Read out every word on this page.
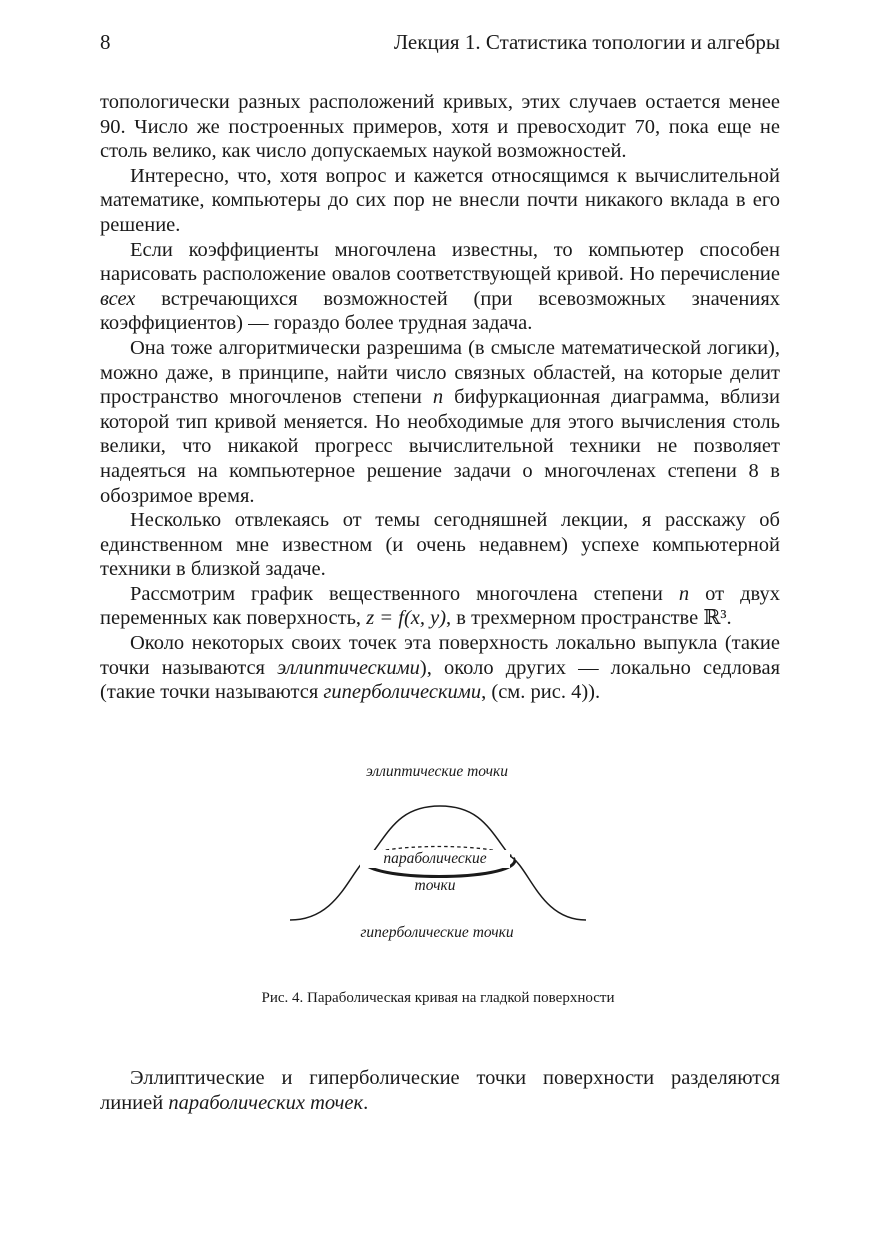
8	Лекция 1. Статистика топологии и алгебры

топологически разных расположений кривых, этих случаев остается менее 90. Число же построенных примеров, хотя и превосходит 70, пока еще не столь велико, как число допускаемых наукой возможностей.

Интересно, что, хотя вопрос и кажется относящимся к вычислительной математике, компьютеры до сих пор не внесли почти никакого вклада в его решение.

Если коэффициенты многочлена известны, то компьютер способен нарисовать расположение овалов соответствующей кривой. Но перечисление всех встречающихся возможностей (при всевозможных значениях коэффициентов) — гораздо более трудная задача.

Она тоже алгоритмически разрешима (в смысле математической логики), можно даже, в принципе, найти число связных областей, на которые делит пространство многочленов степени n бифуркационная диаграмма, вблизи которой тип кривой меняется. Но необходимые для этого вычисления столь велики, что никакой прогресс вычислительной техники не позволяет надеяться на компьютерное решение задачи о многочленах степени 8 в обозримое время.

Несколько отвлекаясь от темы сегодняшней лекции, я расскажу об единственном мне известном (и очень недавнем) успехе компьютерной техники в близкой задаче.

Рассмотрим график вещественного многочлена степени n от двух переменных как поверхность, z = f(x, y), в трехмерном пространстве ℝ³.

Около некоторых своих точек эта поверхность локально выпукла (такие точки называются эллиптическими), около других — локально седловая (такие точки называются гиперболическими, (см. рис. 4)).

эллиптические точки
параболические
точки
гиперболические точки
Рис. 4. Параболическая кривая на гладкой поверхности

Эллиптические и гиперболические точки поверхности разделяются линией параболических точек.
